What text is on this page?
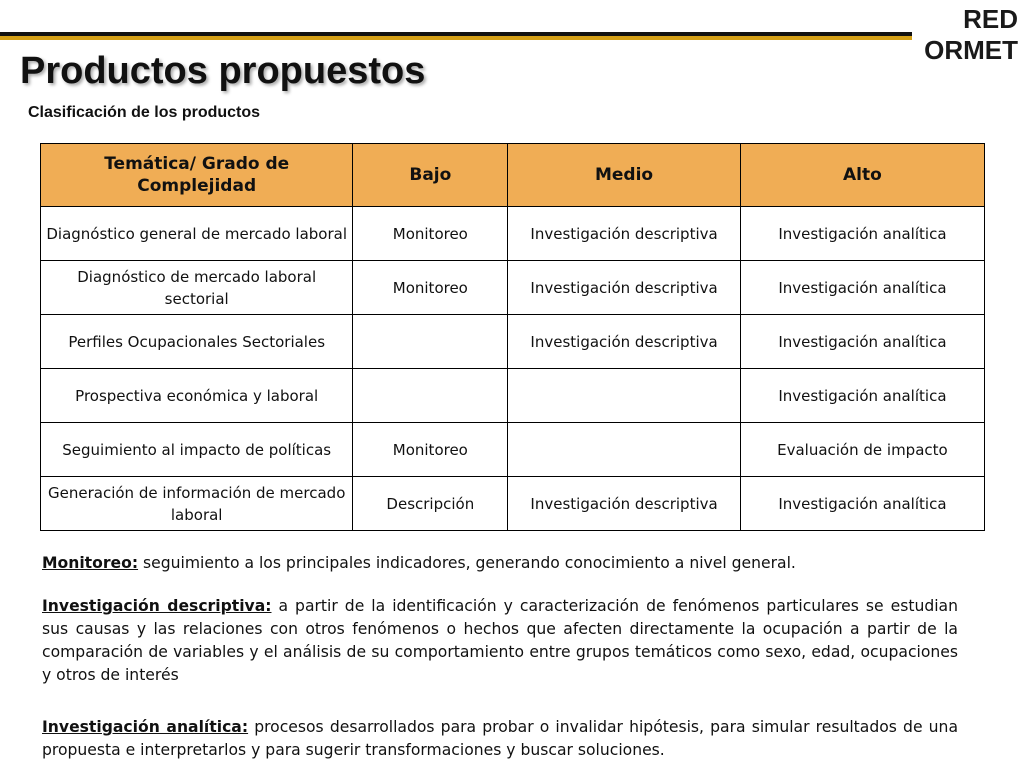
RED
ORMET
Productos propuestos
Clasificación de los productos
Temática/ Grado de Complejidad	Bajo	Medio	Alto
Diagnóstico general de mercado laboral	Monitoreo	Investigación descriptiva	Investigación analítica
Diagnóstico de mercado laboral sectorial	Monitoreo	Investigación descriptiva	Investigación analítica
Perfiles Ocupacionales Sectoriales		Investigación descriptiva	Investigación analítica
Prospectiva económica y laboral			Investigación analítica
Seguimiento al impacto de políticas	Monitoreo		Evaluación de impacto
Generación de información de mercado laboral	Descripción	Investigación descriptiva	Investigación analítica
Monitoreo: seguimiento a los principales indicadores, generando conocimiento a nivel general.
Investigación descriptiva: a partir de la identificación y caracterización de fenómenos particulares se estudian sus causas y las relaciones con otros fenómenos o hechos que afecten directamente la ocupación a partir de la comparación de variables y el análisis de su comportamiento entre grupos temáticos como sexo, edad, ocupaciones y otros de interés
Investigación analítica: procesos desarrollados para probar o invalidar hipótesis, para simular resultados de una propuesta e interpretarlos y para sugerir transformaciones y buscar soluciones.
